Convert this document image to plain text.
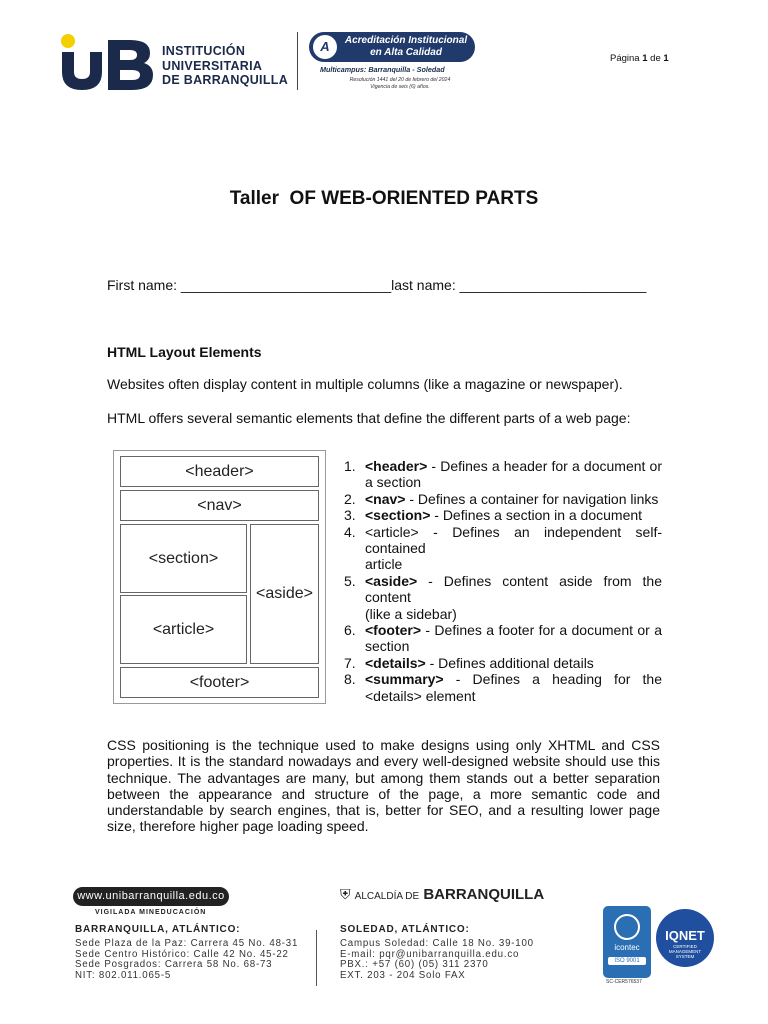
INSTITUCIÓN
UNIVERSITARIA
DE BARRANQUILLA
A	Acreditación Institucional
en Alta Calidad
Multicampus: Barranquilla - Soledad
Resolución 1441 del 20 de febrero del 2024
Vigencia de seis (6) años.
Página 1 de 1
Taller  OF WEB-ORIENTED PARTS
First name: ___________________________last name: ________________________
HTML Layout Elements
Websites often display content in multiple columns (like a magazine or newspaper).
HTML offers several semantic elements that define the different parts of a web page:
<header>
<nav>
<section>
<article>
<aside>
<footer>
1. <header> - Defines a header for a document or
a section
2. <nav> - Defines a container for navigation links
3. <section> - Defines a section in a document
4. <article> - Defines an independent self-contained
article
5. <aside> - Defines content aside from the content
(like a sidebar)
6. <footer> - Defines a footer for a document or a
section
7. <details> - Defines additional details
8. <summary> - Defines a heading for the
<details> element
CSS positioning is the technique used to make designs using only XHTML and CSS properties. It is the standard nowadays and every well-designed website should use this technique. The advantages are many, but among them stands out a better separation between the appearance and structure of the page, a more semantic code and understandable by search engines, that is, better for SEO, and a resulting lower page size, therefore higher page loading speed.
www.unibarranquilla.edu.co
VIGILADA MINEDUCACIÓN
⛨ ALCALDÍA DE BARRANQUILLA
BARRANQUILLA, ATLÁNTICO:
Sede Plaza de la Paz: Carrera 45 No. 48-31
Sede Centro Histórico: Calle 42 No. 45-22
Sede Posgrados: Carrera 58 No. 68-73
NIT: 802.011.065-5
SOLEDAD, ATLÁNTICO:
Campus Soledad: Calle 18 No. 39-100
E-mail: pqr@unibarranquilla.edu.co
PBX.: +57 (60) (05) 311 2370
EXT. 203 - 204 Solo FAX
icontec
ISO 9001
SC-CER576537
IQNET
CERTIFIED
MANAGEMENT
SYSTEM
